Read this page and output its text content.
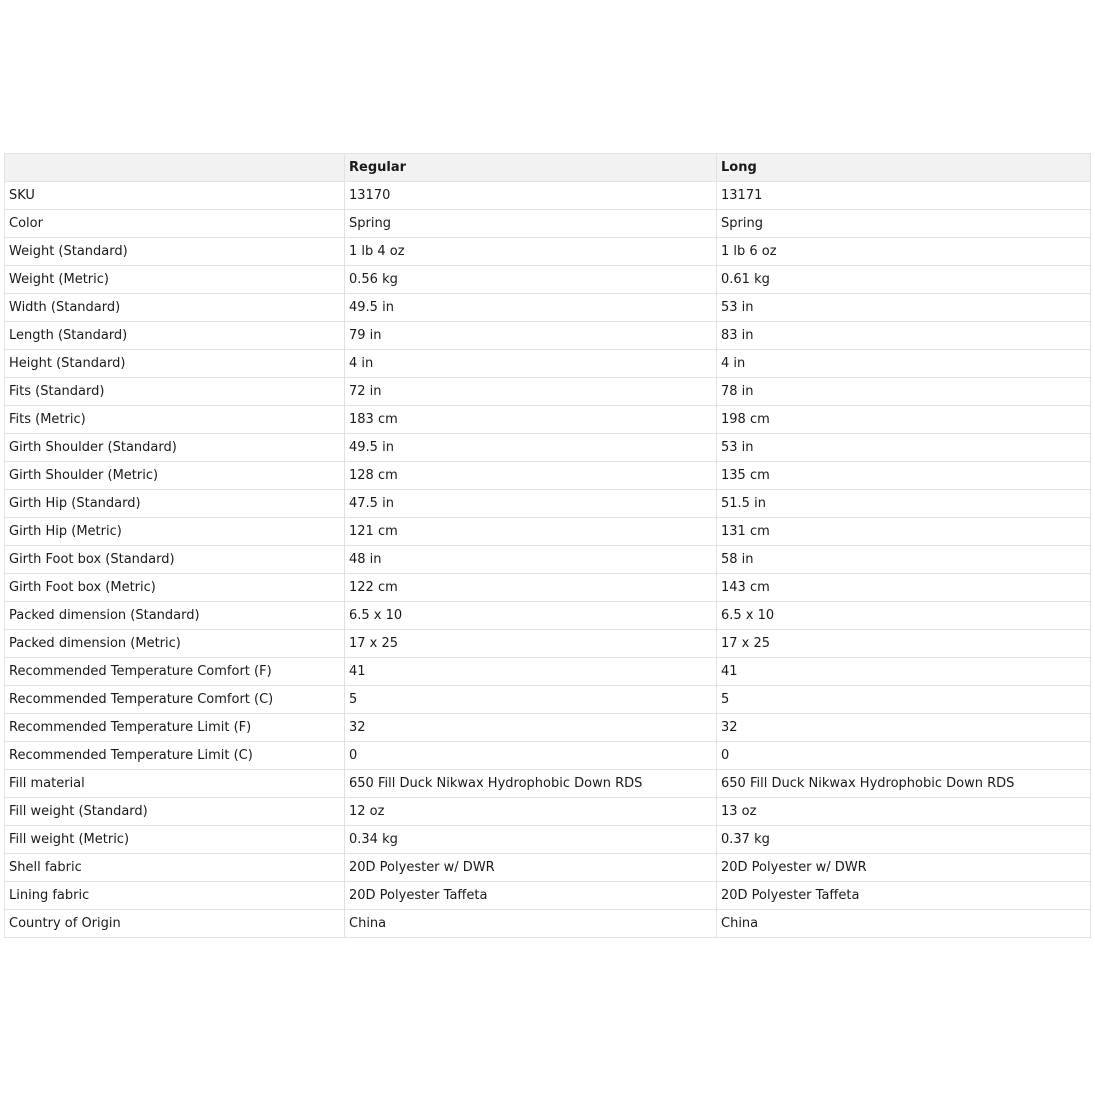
	Regular	Long
SKU	13170	13171
Color	Spring	Spring
Weight (Standard)	1 lb 4 oz	1 lb 6 oz
Weight (Metric)	0.56 kg	0.61 kg
Width (Standard)	49.5 in	53 in
Length (Standard)	79 in	83 in
Height (Standard)	4 in	4 in
Fits (Standard)	72 in	78 in
Fits (Metric)	183 cm	198 cm
Girth Shoulder (Standard)	49.5 in	53 in
Girth Shoulder (Metric)	128 cm	135 cm
Girth Hip (Standard)	47.5 in	51.5 in
Girth Hip (Metric)	121 cm	131 cm
Girth Foot box (Standard)	48 in	58 in
Girth Foot box (Metric)	122 cm	143 cm
Packed dimension (Standard)	6.5 x 10	6.5 x 10
Packed dimension (Metric)	17 x 25	17 x 25
Recommended Temperature Comfort (F)	41	41
Recommended Temperature Comfort (C)	5	5
Recommended Temperature Limit (F)	32	32
Recommended Temperature Limit (C)	0	0
Fill material	650 Fill Duck Nikwax Hydrophobic Down RDS	650 Fill Duck Nikwax Hydrophobic Down RDS
Fill weight (Standard)	12 oz	13 oz
Fill weight (Metric)	0.34 kg	0.37 kg
Shell fabric	20D Polyester w/ DWR	20D Polyester w/ DWR
Lining fabric	20D Polyester Taffeta	20D Polyester Taffeta
Country of Origin	China	China
